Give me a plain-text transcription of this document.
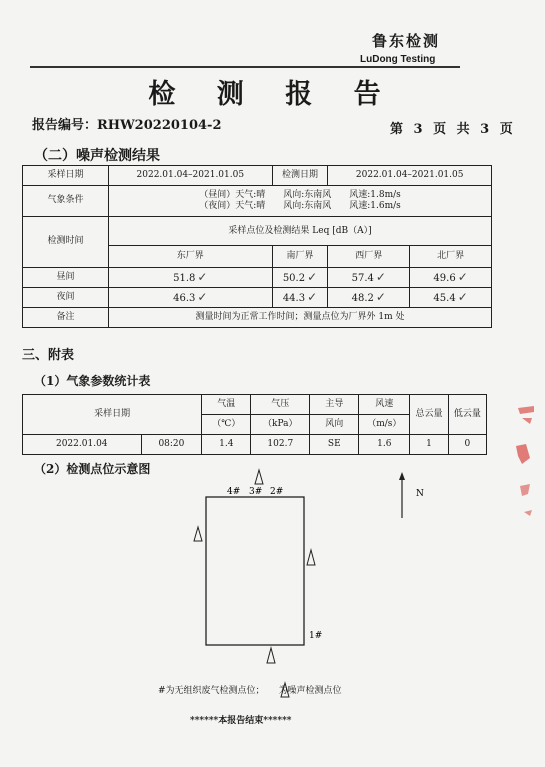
鲁东检测
LuDong Testing
检 测 报 告
报告编号：RHW20220104-2	第 3 页 共 3 页
（二）噪声检测结果
采样日期	2022.01.04–2021.01.05	检测日期	2022.01.04–2021.01.05	
气象条件	（昼间）天气:晴　　风向:东南风　　风速:1.8m/s
（夜间）天气:晴　　风向:东南风　　风速:1.6m/s			

检测时间	采样点位及检测结果 Leq [dB（A）]			
	东厂界	南厂界	西厂界	北厂界
昼间	51.8 ✓	50.2 ✓	57.4 ✓	49.6 ✓
夜间	46.3 ✓	44.3 ✓	48.2 ✓	45.4 ✓
备注	测量时间为正常工作时间；测量点位为厂界外 1m 处			
三、附表
（1）气象参数统计表
采样日期		气温	气压	主导	风速	总云量	低云量
		（℃）	（kPa）	风向	（m/s）		
2022.01.04	08:20	1.4	102.7	SE	1.6	1	0
（2）检测点位示意图
N
4# 3# 2#
1#
#为无组织废气检测点位； 为噪声检测点位
******本报告结束******
